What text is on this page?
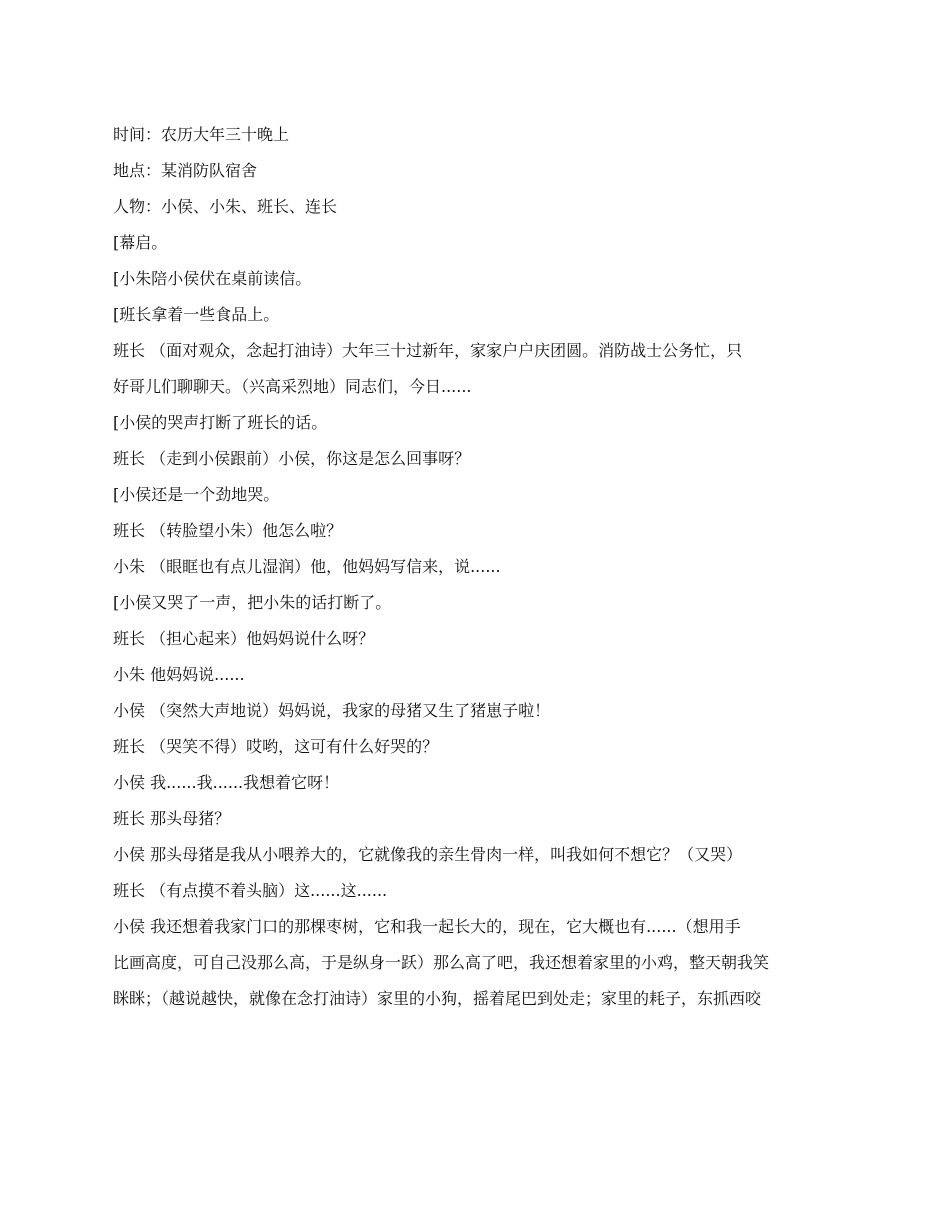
时间：农历大年三十晚上

地点：某消防队宿舍

人物：小侯、小朱、班长、连长

[幕启。

[小朱陪小侯伏在桌前读信。

[班长拿着一些食品上。

班长 （面对观众，念起打油诗）大年三十过新年，家家户户庆团圆。消防战士公务忙，只

好哥儿们聊聊天。（兴高采烈地）同志们，今日......

[小侯的哭声打断了班长的话。

班长 （走到小侯跟前）小侯，你这是怎么回事呀？

[小侯还是一个劲地哭。

班长 （转脸望小朱）他怎么啦？

小朱 （眼眶也有点儿湿润）他，他妈妈写信来，说......

[小侯又哭了一声，把小朱的话打断了。

班长 （担心起来）他妈妈说什么呀？

小朱 他妈妈说......

小侯 （突然大声地说）妈妈说，我家的母猪又生了猪崽子啦！

班长 （哭笑不得）哎哟，这可有什么好哭的？

小侯 我......我......我想着它呀！

班长 那头母猪？

小侯 那头母猪是我从小喂养大的，它就像我的亲生骨肉一样，叫我如何不想它？（又哭）

班长 （有点摸不着头脑）这......这......

小侯 我还想着我家门口的那棵枣树，它和我一起长大的，现在，它大概也有......（想用手

比画高度，可自己没那么高，于是纵身一跃）那么高了吧，我还想着家里的小鸡，整天朝我笑

眯眯；（越说越快，就像在念打油诗）家里的小狗，摇着尾巴到处走；家里的耗子，东抓西咬
